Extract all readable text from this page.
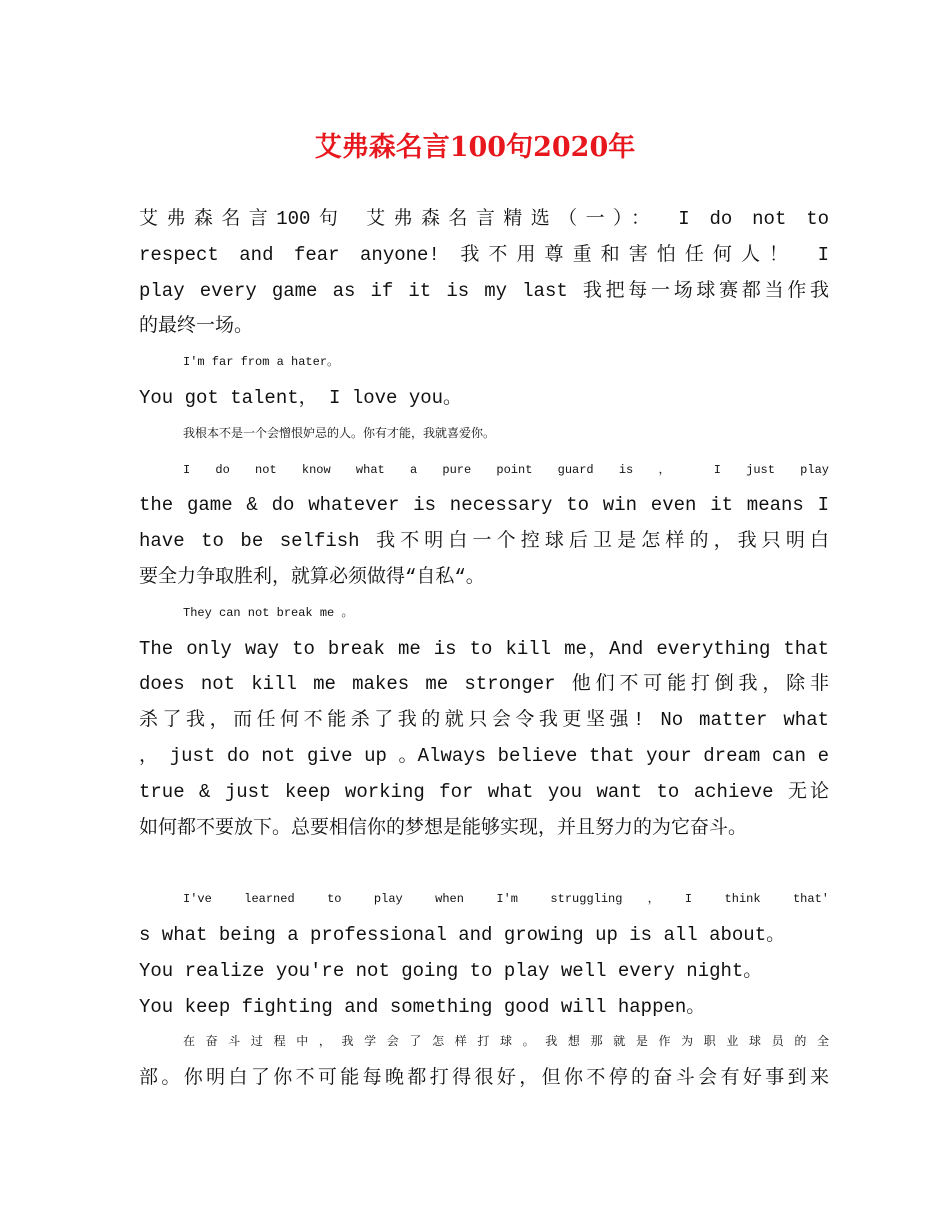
艾弗森名言100句2020年
艾弗森名言100句 艾弗森名言精选（一）： I do not to
respect and fear anyone! 我不用尊重和害怕任何人！ I
play every game as if it is my last 我把每一场球赛都当作我
的最终一场。
I′m far from a hater。
You got talent， I love you。
我根本不是一个会憎恨妒忌的人。你有才能，我就喜爱你。
I do not know what a pure point guard is ， I just play
the game & do whatever is necessary to win even it means I
have to be selfish 我不明白一个控球后卫是怎样的，我只明白
要全力争取胜利，就算必须做得“自私“。
They can not break me 。
The only way to break me is to kill me，And everything that
does not kill me makes me stronger 他们不可能打倒我，除非
杀了我，而任何不能杀了我的就只会令我更坚强! No matter what
， just do not give up 。Always believe that your dream can e
true & just keep working for what you want to achieve 无论
如何都不要放下。总要相信你的梦想是能够实现，并且努力的为它奋斗。
I′ve learned to play when I′m struggling，I think that′
s what being a professional and growing up is all about。
You realize you′re not going to play well every night。
You keep fighting and something good will happen。
在奋斗过程中，我学会了怎样打球。我想那就是作为职业球员的全
部。你明白了你不可能每晚都打得很好，但你不停的奋斗会有好事到来
